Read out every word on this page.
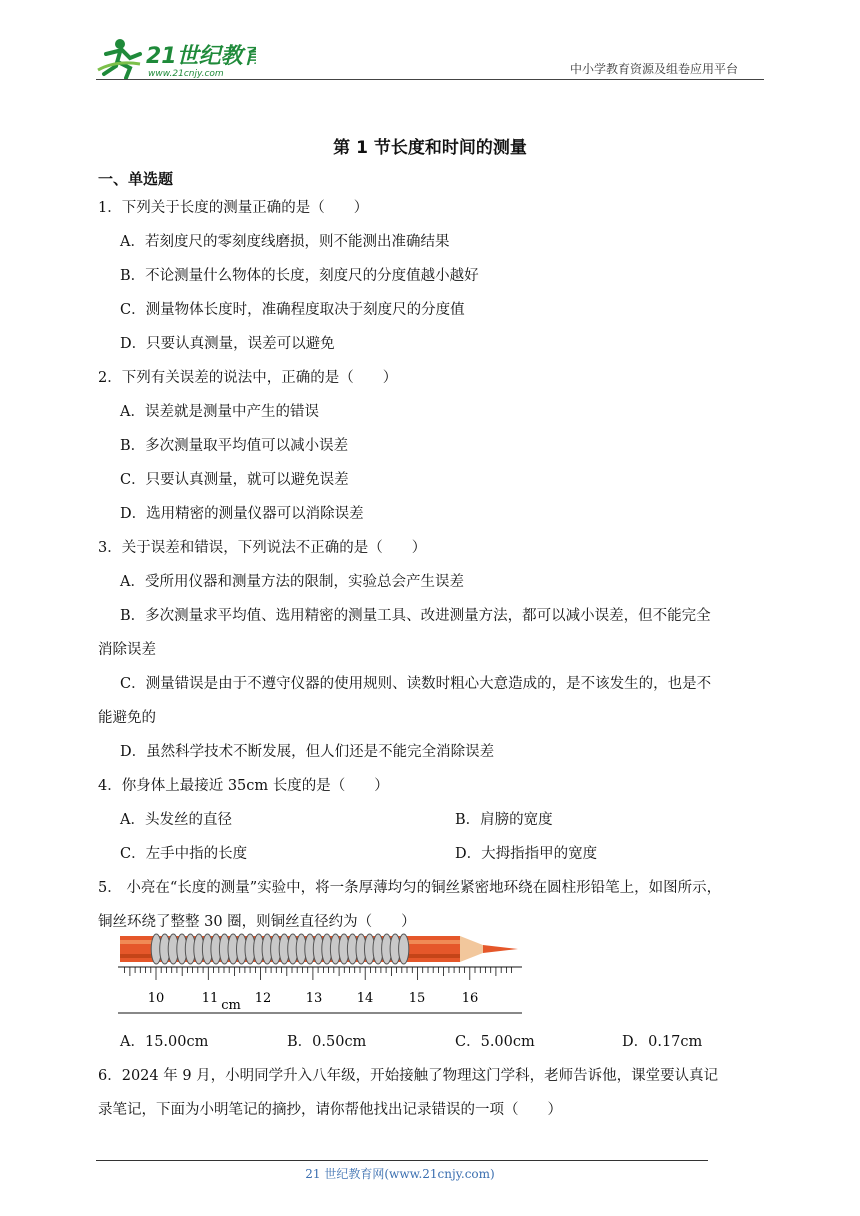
21世纪教育
www.21cnjy.com	中小学教育资源及组卷应用平台
第 1 节长度和时间的测量
一、单选题
1．下列关于长度的测量正确的是（　　）
A．若刻度尺的零刻度线磨损，则不能测出准确结果
B．不论测量什么物体的长度，刻度尺的分度值越小越好
C．测量物体长度时，准确程度取决于刻度尺的分度值
D．只要认真测量，误差可以避免
2．下列有关误差的说法中，正确的是（　　）
A．误差就是测量中产生的错误
B．多次测量取平均值可以减小误差
C．只要认真测量，就可以避免误差
D．选用精密的测量仪器可以消除误差
3．关于误差和错误，下列说法不正确的是（　　）
A．受所用仪器和测量方法的限制，实验总会产生误差
B．多次测量求平均值、选用精密的测量工具、改进测量方法，都可以减小误差，但不能完全
消除误差
C．测量错误是由于不遵守仪器的使用规则、读数时粗心大意造成的，是不该发生的，也是不
能避免的
D．虽然科学技术不断发展，但人们还是不能完全消除误差
4．你身体上最接近 35cm 长度的是（　　）
A．头发丝的直径	B．肩膀的宽度
C．左手中指的长度	D．大拇指指甲的宽度
5． 小亮在“长度的测量”实验中，将一条厚薄均匀的铜丝紧密地环绕在圆柱形铅笔上，如图所示，
铜丝环绕了整整 30 圈，则铜丝直径约为（　　）
10	11	12	13	14	15	16
cm
A．15.00cm	B．0.50cm	C．5.00cm	D．0.17cm
6．2024 年 9 月，小明同学升入八年级，开始接触了物理这门学科，老师告诉他，课堂要认真记
录笔记，下面为小明笔记的摘抄，请你帮他找出记录错误的一项（　　）
21 世纪教育网(www.21cnjy.com)
